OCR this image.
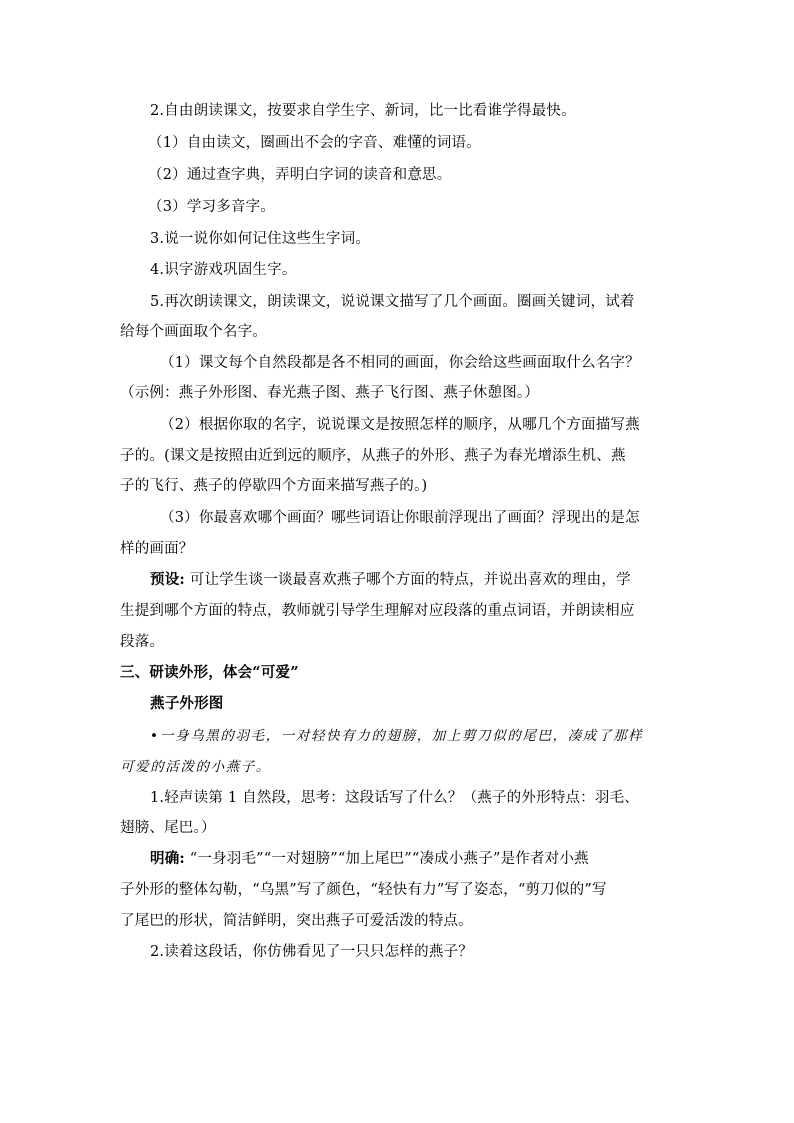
2.自由朗读课文，按要求自学生字、新词，比一比看谁学得最快。
（1）自由读文，圈画出不会的字音、难懂的词语。
（2）通过查字典，弄明白字词的读音和意思。
（3）学习多音字。
3.说一说你如何记住这些生字词。
4.识字游戏巩固生字。
5.再次朗读课文，朗读课文，说说课文描写了几个画面。圈画关键词，试着
给每个画面取个名字。
（1）课文每个自然段都是各不相同的画面，你会给这些画面取什么名字？
（示例：燕子外形图、春光燕子图、燕子飞行图、燕子休憩图。）
（2）根据你取的名字，说说课文是按照怎样的顺序，从哪几个方面描写燕
子的。(课文是按照由近到远的顺序，从燕子的外形、燕子为春光增添生机、燕
子的飞行、燕子的停歇四个方面来描写燕子的。)
（3）你最喜欢哪个画面？哪些词语让你眼前浮现出了画面？浮现出的是怎
样的画面？
预设: 可让学生谈一谈最喜欢燕子哪个方面的特点，并说出喜欢的理由，学
生提到哪个方面的特点，教师就引导学生理解对应段落的重点词语，并朗读相应
段落。
三、研读外形，体会“可爱”
燕子外形图
•一身乌黑的羽毛，一对轻快有力的翅膀，加上剪刀似的尾巴，凑成了那样
可爱的活泼的小燕子。
1.轻声读第 1 自然段，思考：这段话写了什么？（燕子的外形特点：羽毛、
翅膀、尾巴。）
明确: “一身羽毛”“一对翅膀”“加上尾巴”“凑成小燕子”是作者对小燕
子外形的整体勾勒，“乌黑”写了颜色，“轻快有力”写了姿态，“剪刀似的”写
了尾巴的形状，简洁鲜明，突出燕子可爱活泼的特点。
2.读着这段话，你仿佛看见了一只只怎样的燕子？
